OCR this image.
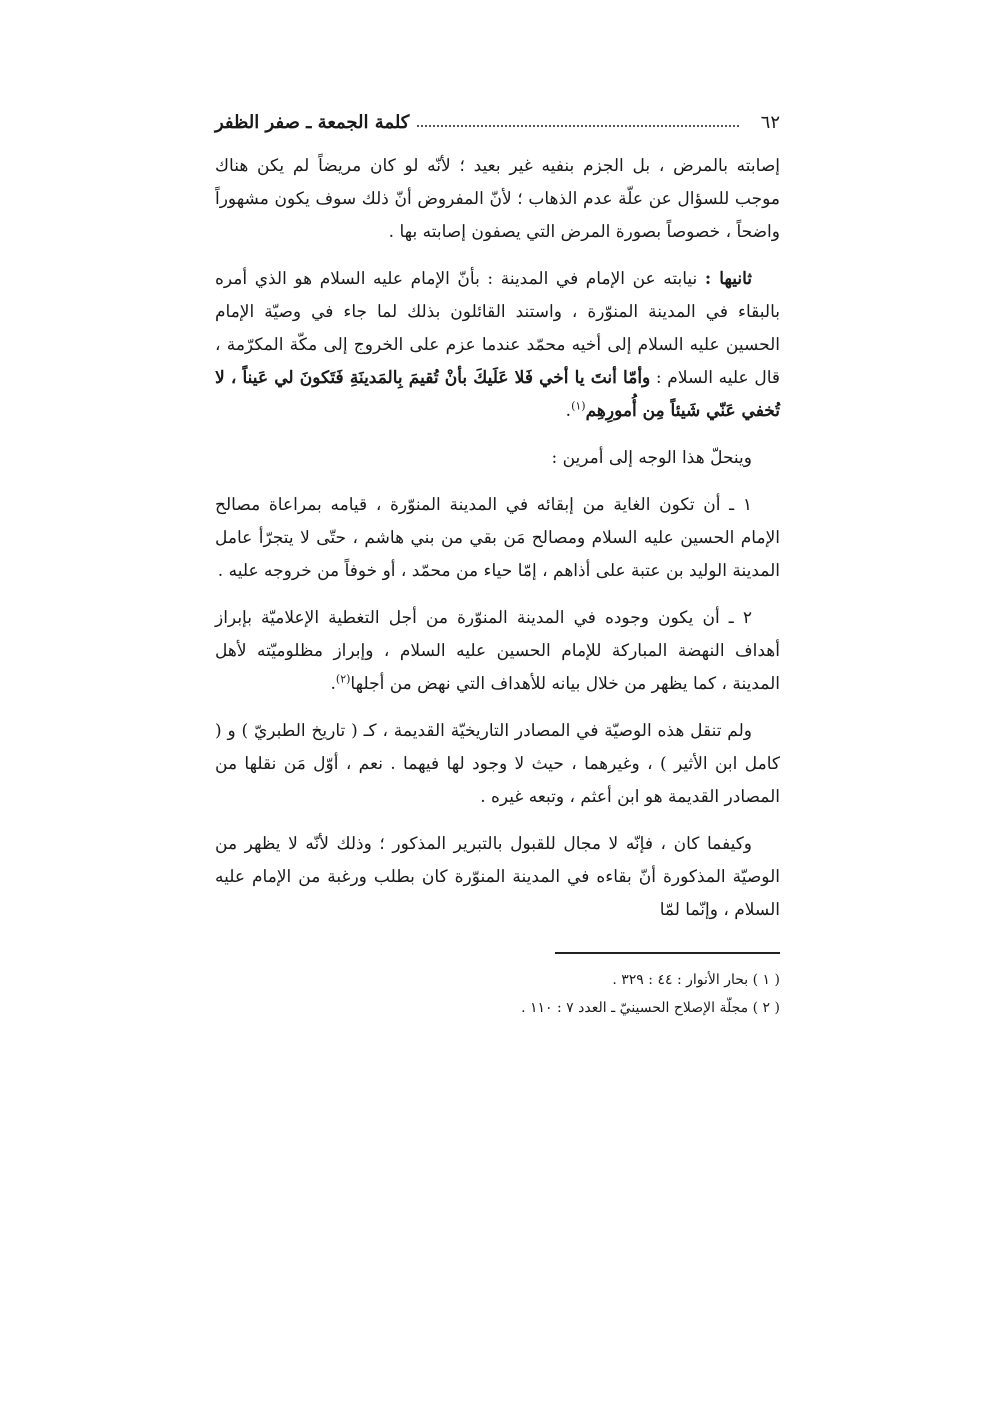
٦٢
كلمة الجمعة ـ صفر الظفر

إصابته بالمرض ، بل الجزم بنفيه غير بعيد ؛ لأنّه لو كان مريضاً لم يكن هناك موجب للسؤال عن علّة عدم الذهاب ؛ لأنّ المفروض أنّ ذلك سوف يكون مشهوراً واضحاً ، خصوصاً بصورة المرض التي يصفون إصابته بها .

ثانيها : نيابته عن الإمام في المدينة : بأنّ الإمام عليه السلام هو الذي أمره بالبقاء في المدينة المنوّرة ، واستند القائلون بذلك لما جاء في وصيّة الإمام الحسين عليه السلام إلى أخيه محمّد عندما عزم على الخروج إلى مكّة المكرّمة ، قال عليه السلام : وأمّا أنتَ يا أخي فَلا عَلَيكَ بأنْ تُقيمَ بِالمَدينَةِ فَتَكونَ لي عَيناً ، لا تُخفي عَنّي شَيئاً مِن أُمورِهِم$^{(١)}$.

وينحلّ هذا الوجه إلى أمرين :

١ ـ أن تكون الغاية من إبقائه في المدينة المنوّرة ، قيامه بمراعاة مصالح الإمام الحسين عليه السلام ومصالح مَن بقي من بني هاشم ، حتّى لا يتجرّأ عامل المدينة الوليد بن عتبة على أذاهم ، إمّا حياء من محمّد ، أو خوفاً من خروجه عليه .

٢ ـ أن يكون وجوده في المدينة المنوّرة من أجل التغطية الإعلاميّة بإبراز أهداف النهضة المباركة للإمام الحسين عليه السلام ، وإبراز مظلوميّته لأهل المدينة ، كما يظهر من خلال بيانه للأهداف التي نهض من أجلها$^{(٢)}$.

ولم تنقل هذه الوصيّة في المصادر التاريخيّة القديمة ، كـ ( تاريخ الطبريّ ) و ( كامل ابن الأثير ) ، وغيرهما ، حيث لا وجود لها فيهما . نعم ، أوّل مَن نقلها من المصادر القديمة هو ابن أعثم ، وتبعه غيره .

وكيفما كان ، فإنّه لا مجال للقبول بالتبرير المذكور ؛ وذلك لأنّه لا يظهر من الوصيّة المذكورة أنّ بقاءه في المدينة المنوّرة كان بطلب ورغبة من الإمام عليه السلام ، وإنّما لمّا

( ١ ) بحار الأنوار : ٤٤ : ٣٢٩ .
( ٢ ) مجلّة الإصلاح الحسينيّ ـ العدد ٧ : ١١٠ .
